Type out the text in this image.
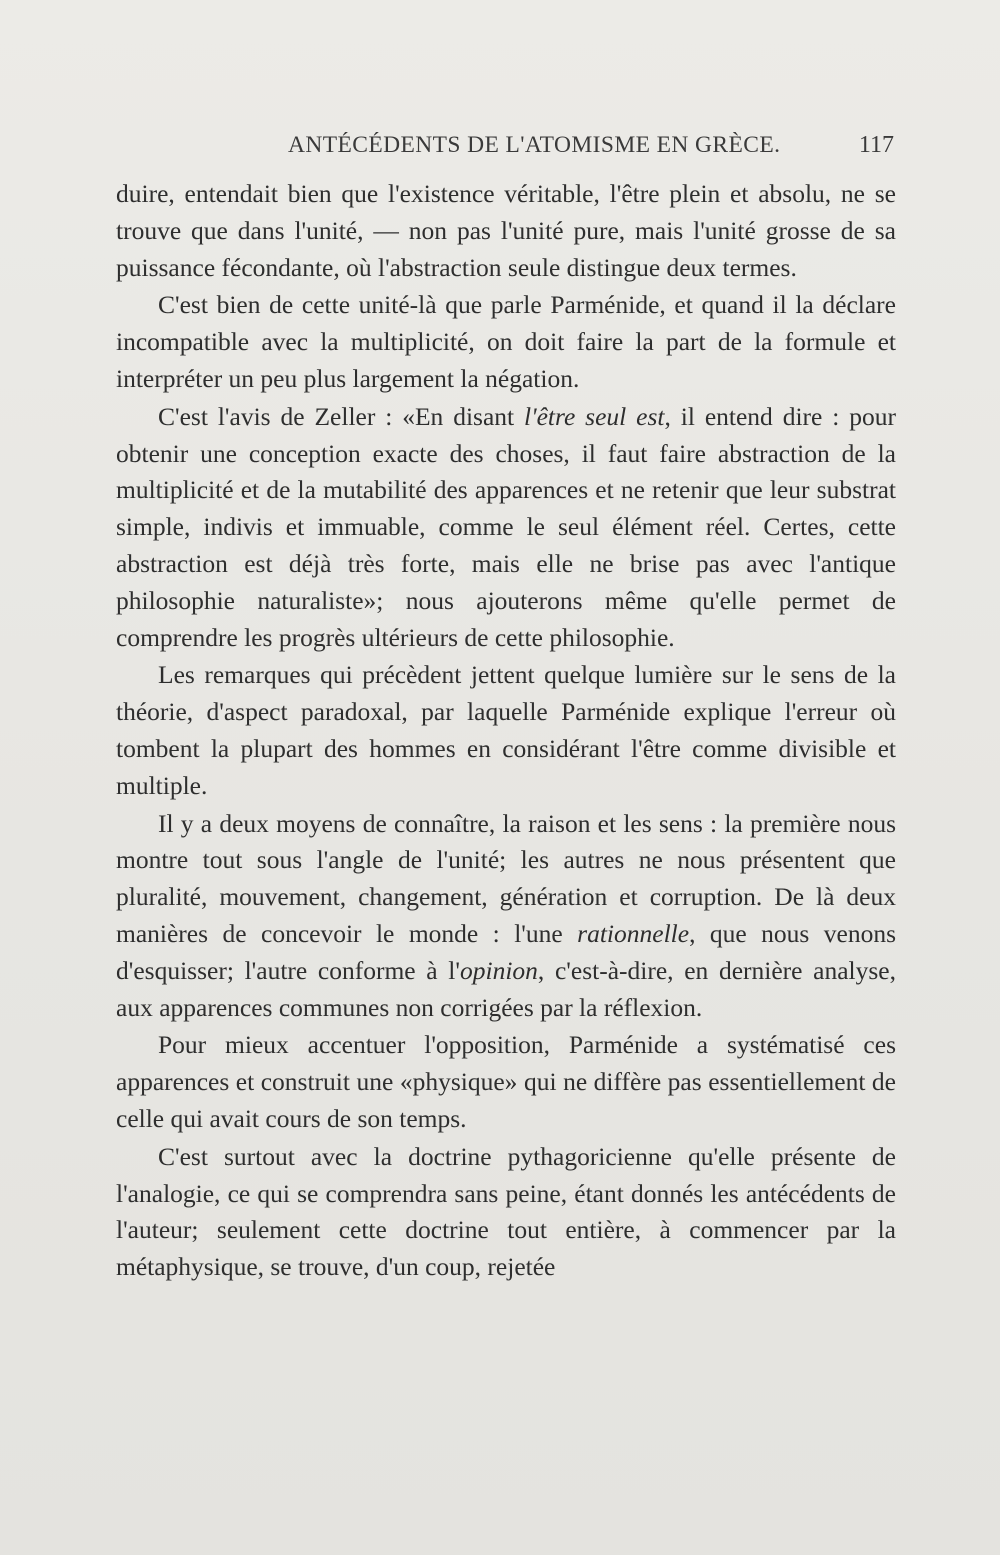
ANTÉCÉDENTS DE L'ATOMISME EN GRÈCE.	117

duire, entendait bien que l'existence véritable, l'être plein et absolu, ne se trouve que dans l'unité, — non pas l'unité pure, mais l'unité grosse de sa puissance fécondante, où l'abstraction seule distingue deux termes.

C'est bien de cette unité-là que parle Parménide, et quand il la déclare incompatible avec la multiplicité, on doit faire la part de la formule et interpréter un peu plus largement la négation.

C'est l'avis de Zeller : «En disant l'être seul est, il entend dire : pour obtenir une conception exacte des choses, il faut faire abstraction de la multiplicité et de la mutabilité des apparences et ne retenir que leur substrat simple, indivis et immuable, comme le seul élément réel. Certes, cette abstraction est déjà très forte, mais elle ne brise pas avec l'antique philosophie naturaliste»; nous ajouterons même qu'elle permet de comprendre les progrès ultérieurs de cette philosophie.

Les remarques qui précèdent jettent quelque lumière sur le sens de la théorie, d'aspect paradoxal, par laquelle Parménide explique l'erreur où tombent la plupart des hommes en considérant l'être comme divisible et multiple.

Il y a deux moyens de connaître, la raison et les sens : la première nous montre tout sous l'angle de l'unité; les autres ne nous présentent que pluralité, mouvement, changement, génération et corruption. De là deux manières de concevoir le monde : l'une rationnelle, que nous venons d'esquisser; l'autre conforme à l'opinion, c'est-à-dire, en dernière analyse, aux apparences communes non corrigées par la réflexion.

Pour mieux accentuer l'opposition, Parménide a systématisé ces apparences et construit une «physique» qui ne diffère pas essentiellement de celle qui avait cours de son temps.

C'est surtout avec la doctrine pythagoricienne qu'elle présente de l'analogie, ce qui se comprendra sans peine, étant donnés les antécédents de l'auteur; seulement cette doctrine tout entière, à commencer par la métaphysique, se trouve, d'un coup, rejetée
